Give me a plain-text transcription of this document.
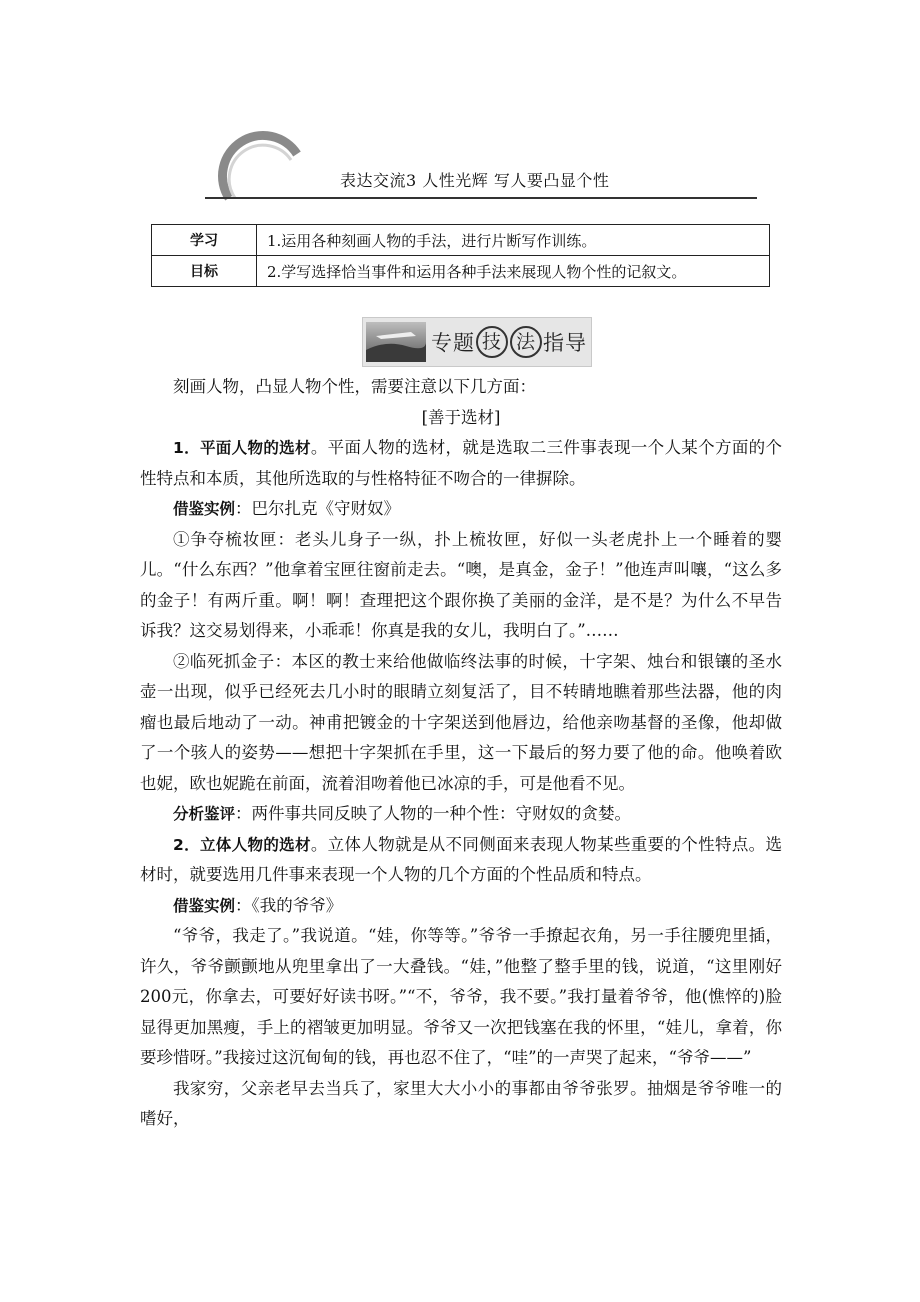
表达交流3 人性光辉 写人要凸显个性
学习	1.运用各种刻画人物的手法，进行片断写作训练。
目标	2.学写选择恰当事件和运用各种手法来展现人物个性的记叙文。
专题 技 法 指导

刻画人物，凸显人物个性，需要注意以下几方面：

[善于选材]

1．平面人物的选材。平面人物的选材，就是选取二三件事表现一个人某个方面的个性特点和本质，其他所选取的与性格特征不吻合的一律摒除。

借鉴实例：巴尔扎克《守财奴》

①争夺梳妆匣：老头儿身子一纵，扑上梳妆匣，好似一头老虎扑上一个睡着的婴儿。“什么东西？”他拿着宝匣往窗前走去。“噢，是真金，金子！”他连声叫嚷，“这么多的金子！有两斤重。啊！啊！查理把这个跟你换了美丽的金洋，是不是？为什么不早告诉我？这交易划得来，小乖乖！你真是我的女儿，我明白了。”……

②临死抓金子：本区的教士来给他做临终法事的时候，十字架、烛台和银镶的圣水壶一出现，似乎已经死去几小时的眼睛立刻复活了，目不转睛地瞧着那些法器，他的肉瘤也最后地动了一动。神甫把镀金的十字架送到他唇边，给他亲吻基督的圣像，他却做了一个骇人的姿势——想把十字架抓在手里，这一下最后的努力要了他的命。他唤着欧也妮，欧也妮跪在前面，流着泪吻着他已冰凉的手，可是他看不见。

分析鉴评：两件事共同反映了人物的一种个性：守财奴的贪婪。

2．立体人物的选材。立体人物就是从不同侧面来表现人物某些重要的个性特点。选材时，就要选用几件事来表现一个人物的几个方面的个性品质和特点。

借鉴实例：《我的爷爷》

“爷爷，我走了。”我说道。“娃，你等等。”爷爷一手撩起衣角，另一手往腰兜里插，许久，爷爷颤颤地从兜里拿出了一大叠钱。“娃，”他整了整手里的钱，说道，“这里刚好200元，你拿去，可要好好读书呀。”“不，爷爷，我不要。”我打量着爷爷，他(憔悴的)脸显得更加黑瘦，手上的褶皱更加明显。爷爷又一次把钱塞在我的怀里，“娃儿，拿着，你要珍惜呀。”我接过这沉甸甸的钱，再也忍不住了，“哇”的一声哭了起来，“爷爷——”

我家穷，父亲老早去当兵了，家里大大小小的事都由爷爷张罗。抽烟是爷爷唯一的嗜好，
